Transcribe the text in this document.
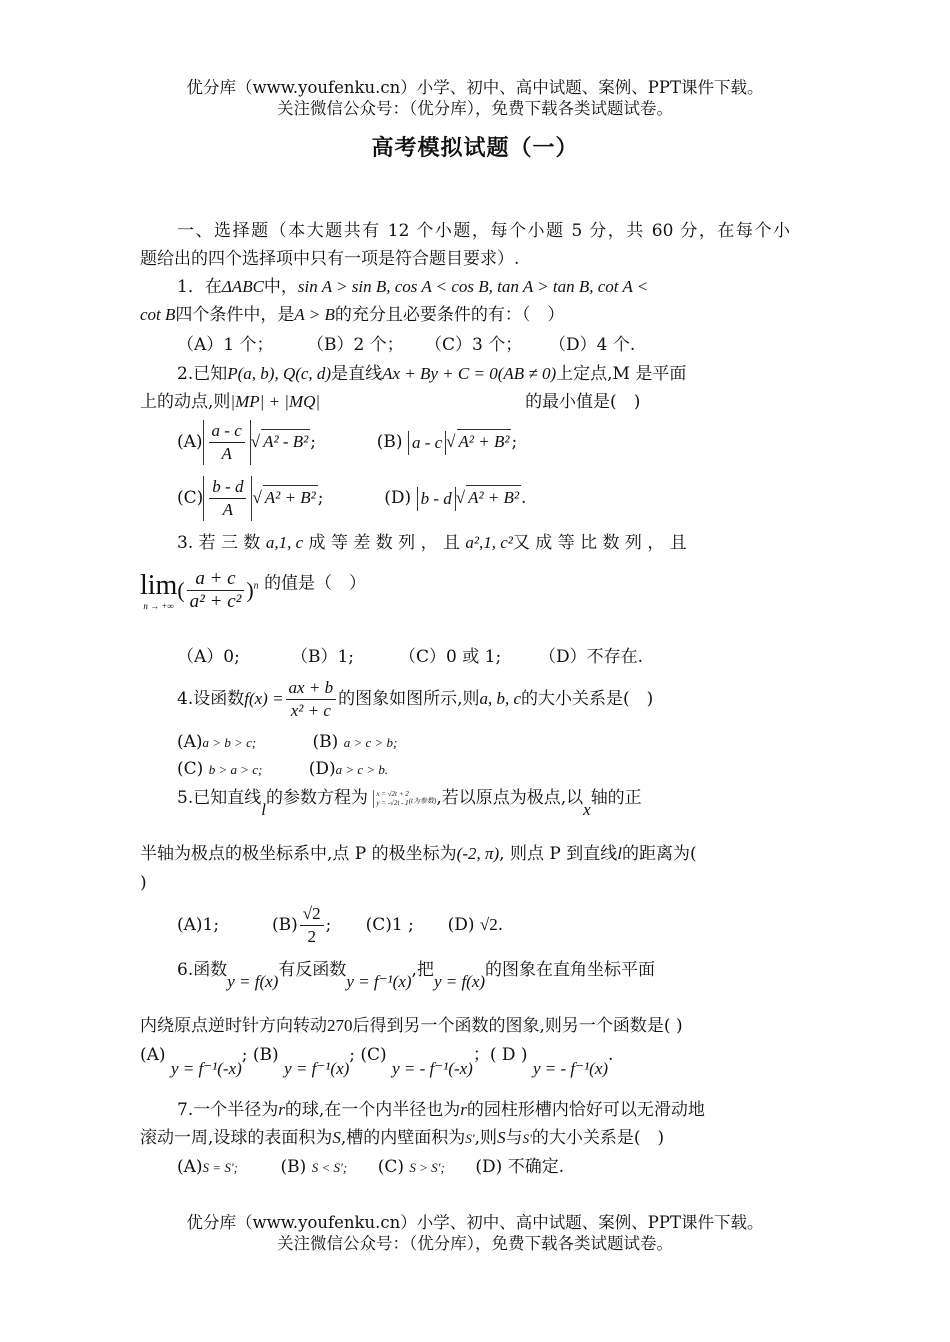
优分库（www.youfenku.cn）小学、初中、高中试题、案例、PPT课件下载。
关注微信公众号：（优分库），免费下载各类试题试卷。
高考模拟试题（一）
一、选择题（本大题共有 12 个小题，每个小题 5 分，共 60 分，在每个小
题给出的四个选择项中只有一项是符合题目要求）.
1．在ΔABC中，sin A > sin B, cos A < cos B, tan A > tan B, cot A <
cot B四个条件中，是A > B的充分且必要条件的有：（　）
（A）1 个； （B）2 个； （C）3 个； （D）4 个.
2.已知P(a, b), Q(c, d)是直线Ax + By + C = 0(AB ≠ 0)上定点,M 是平面
上的动点,则|MP| + |MQ|	的最小值是(　)
$(A) \frac{a - c}{A}$ √ A² - B² ;	(B) a - c √ A² + B² ;
$(C) \frac{b - d}{A}$ √ A² + B² ;	(D) b - d √ A² + B² .
3. 若 三 数 a,1, c 成 等 差 数 列 ， 且 a²,1, c²又 成 等 比 数 列 ， 且
lim
n → +∞
( $\frac{a + c}{\text{a² + c²}} )^n$ 的值是（　）
（A）0;	（B）1;	（C）0 或 1; （D）不存在.
4.设函数$f(x) = \frac{ax + b}{\text{x² + c}}$ 的图象如图所示,则a, b, c的大小关系是(　)
(A)a > b > c;	(B) a > c > b;
(C) b > a > c;	(D)a > c > b.
5.已知直线l的参数方程为 x = √2t + 2
y = -√2t - 1 (t为参数),若以原点为极点,以x轴的正
半轴为极点的极坐标系中,点 P 的极坐标为(-2, π), 则点 P 到直线l的距离为(
)
(A)1;	$(B) \frac{√2}{2}$ ; (C)1 ; (D) √2.
6.函数y = f(x)有反函数y = f⁻¹(x),把y = f(x)的图象在直角坐标平面
内绕原点逆时针方向转动270后得到另一个函数的图象,则另一个函数是( )
(A) y = f⁻¹(-x); (B) y = f⁻¹(x); (C) y = - f⁻¹(-x)；( D ) y = - f⁻¹(x).
7.一个半径为r的球,在一个内半径也为r的园柱形槽内恰好可以无滑动地
滚动一周,设球的表面积为S,槽的内壁面积为S′,则S与S′的大小关系是(　)
(A)S = S′;	(B) S < S′; (C) S > S′; (D) 不确定.
优分库（www.youfenku.cn）小学、初中、高中试题、案例、PPT课件下载。
关注微信公众号：（优分库），免费下载各类试题试卷。
